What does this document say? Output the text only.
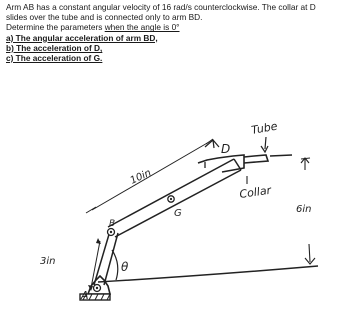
Arm AB has a constant angular velocity of 16 rad/s counterclockwise. The collar at D
slides over the tube and is connected only to arm BD.
Determine the parameters when the angle is 0°
a) The angular acceleration of arm BD,
b) The acceleration of D,
c) The acceleration of G.
Tube
Collar
10in
3in
6in
A
B
D
G
θ
